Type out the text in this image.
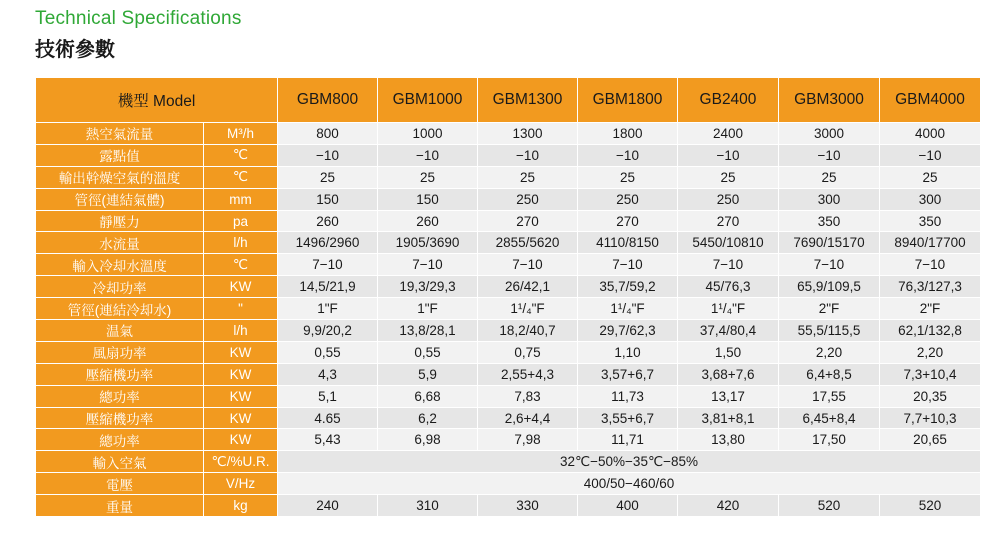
Technical Specifications
技術參數
機型 Model		GBM800	GBM1000	GBM1300	GBM1800	GB2400	GBM3000	GBM4000
熱空氣流量	M³/h	800	1000	1300	1800	2400	3000	4000
露點值	℃	−10	−10	−10	−10	−10	−10	−10
輸出幹燥空氣的溫度	℃	25	25	25	25	25	25	25
管徑(連結氣體)	mm	150	150	250	250	250	300	300
靜壓力	pa	260	260	270	270	270	350	350
水流量	l/h	1496/2960	1905/3690	2855/5620	4110/8150	5450/10810	7690/15170	8940/17700
輸入冷却水溫度	℃	7−10	7−10	7−10	7−10	7−10	7−10	7−10
冷却功率	KW	14,5/21,9	19,3/29,3	26/42,1	35,7/59,2	45/76,3	65,9/109,5	76,3/127,3
管徑(連結冷却水)	"	1"F	1"F	1¹/₄"F	1¹/₄"F	1¹/₄"F	2"F	2"F
温氣	l/h	9,9/20,2	13,8/28,1	18,2/40,7	29,7/62,3	37,4/80,4	55,5/115,5	62,1/132,8
風扇功率	KW	0,55	0,55	0,75	1,10	1,50	2,20	2,20
壓縮機功率	KW	4,3	5,9	2,55+4,3	3,57+6,7	3,68+7,6	6,4+8,5	7,3+10,4
總功率	KW	5,1	6,68	7,83	11,73	13,17	17,55	20,35
壓縮機功率	KW	4.65	6,2	2,6+4,4	3,55+6,7	3,81+8,1	6,45+8,4	7,7+10,3
總功率	KW	5,43	6,98	7,98	11,71	13,80	17,50	20,65
輸入空氣	℃/%U.R.	32℃−50%−35℃−85%						
電壓	V/Hz	400/50−460/60						
重量	kg	240	310	330	400	420	520	520
